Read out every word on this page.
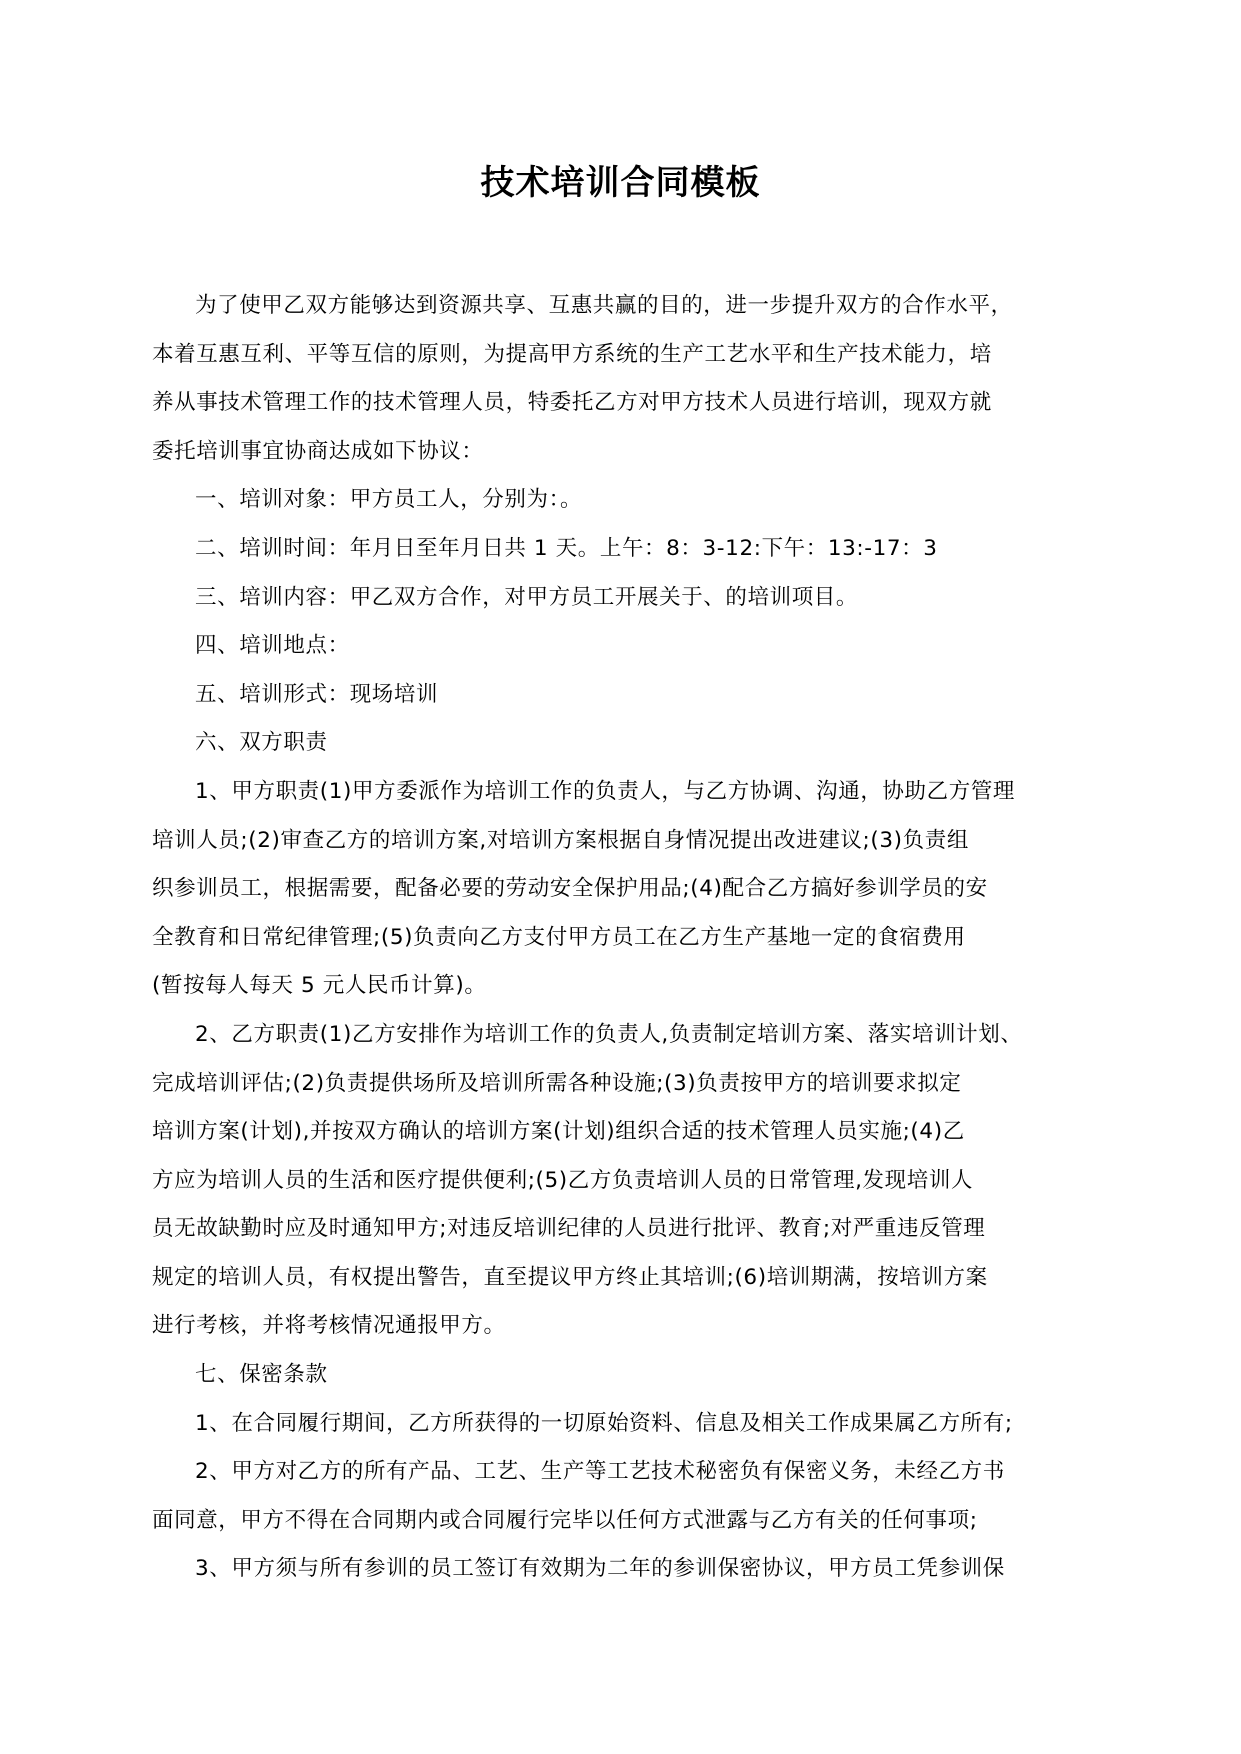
技术培训合同模板
为了使甲乙双方能够达到资源共享、互惠共赢的目的，进一步提升双方的合作水平，
本着互惠互利、平等互信的原则，为提高甲方系统的生产工艺水平和生产技术能力，培
养从事技术管理工作的技术管理人员，特委托乙方对甲方技术人员进行培训，现双方就
委托培训事宜协商达成如下协议：
一、培训对象：甲方员工人，分别为：。
二、培训时间：年月日至年月日共 1 天。上午：8：3-12:下午：13:-17：3
三、培训内容：甲乙双方合作，对甲方员工开展关于、的培训项目。
四、培训地点：
五、培训形式：现场培训
六、双方职责
1、甲方职责(1)甲方委派作为培训工作的负责人，与乙方协调、沟通，协助乙方管理
培训人员;(2)审查乙方的培训方案,对培训方案根据自身情况提出改进建议;(3)负责组
织参训员工，根据需要，配备必要的劳动安全保护用品;(4)配合乙方搞好参训学员的安
全教育和日常纪律管理;(5)负责向乙方支付甲方员工在乙方生产基地一定的食宿费用
(暂按每人每天 5 元人民币计算)。
2、乙方职责(1)乙方安排作为培训工作的负责人,负责制定培训方案、落实培训计划、
完成培训评估;(2)负责提供场所及培训所需各种设施;(3)负责按甲方的培训要求拟定
培训方案(计划),并按双方确认的培训方案(计划)组织合适的技术管理人员实施;(4)乙
方应为培训人员的生活和医疗提供便利;(5)乙方负责培训人员的日常管理,发现培训人
员无故缺勤时应及时通知甲方;对违反培训纪律的人员进行批评、教育;对严重违反管理
规定的培训人员，有权提出警告，直至提议甲方终止其培训;(6)培训期满，按培训方案
进行考核，并将考核情况通报甲方。
七、保密条款
1、在合同履行期间，乙方所获得的一切原始资料、信息及相关工作成果属乙方所有;
2、甲方对乙方的所有产品、工艺、生产等工艺技术秘密负有保密义务，未经乙方书
面同意，甲方不得在合同期内或合同履行完毕以任何方式泄露与乙方有关的任何事项;
3、甲方须与所有参训的员工签订有效期为二年的参训保密协议，甲方员工凭参训保
